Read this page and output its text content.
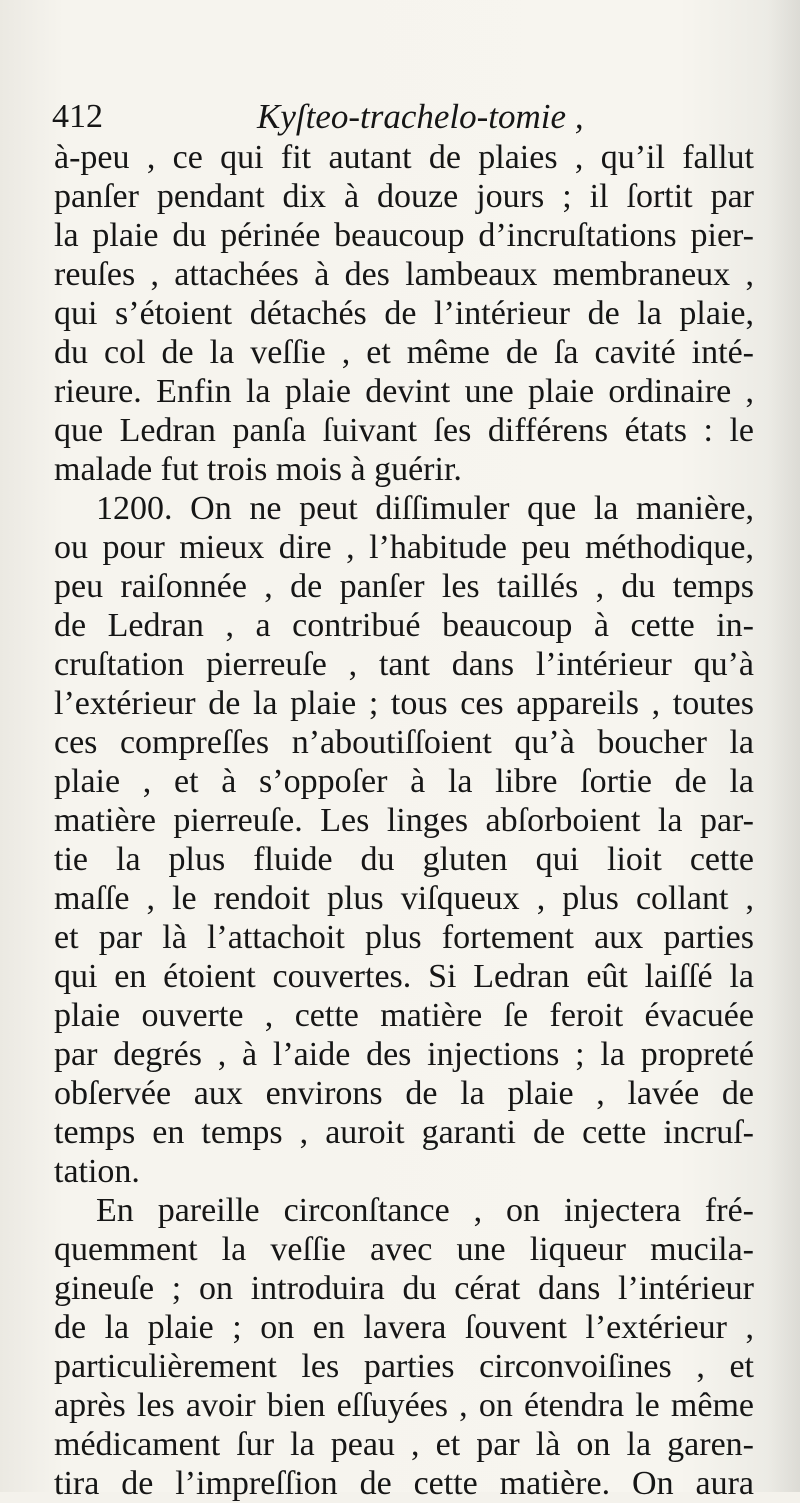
412	Kyſteo-trachelo-tomie ,

à-peu , ce qui fit autant de plaies , qu’il fallut
panſer pendant dix à douze jours ; il ſortit par
la plaie du périnée beaucoup d’incruſtations pier-
reuſes , attachées à des lambeaux membraneux ,
qui s’étoient détachés de l’intérieur de la plaie,
du col de la veſſie , et même de ſa cavité inté-
rieure. Enfin la plaie devint une plaie ordinaire ,
que Ledran panſa ſuivant ſes différens états : le
malade fut trois mois à guérir.

1200. On ne peut diſſimuler que la manière,
ou pour mieux dire , l’habitude peu méthodique,
peu raiſonnée , de panſer les taillés , du temps
de Ledran , a contribué beaucoup à cette in-
cruſtation pierreuſe , tant dans l’intérieur qu’à
l’extérieur de la plaie ; tous ces appareils , toutes
ces compreſſes n’aboutiſſoient qu’à boucher la
plaie , et à s’oppoſer à la libre ſortie de la
matière pierreuſe. Les linges abſorboient la par-
tie la plus fluide du gluten qui lioit cette
maſſe , le rendoit plus viſqueux , plus collant ,
et par là l’attachoit plus fortement aux parties
qui en étoient couvertes. Si Ledran eût laiſſé la
plaie ouverte , cette matière ſe feroit évacuée
par degrés , à l’aide des injections ; la propreté
obſervée aux environs de la plaie , lavée de
temps en temps , auroit garanti de cette incruſ-
tation.

En pareille circonſtance , on injectera fré-
quemment la veſſie avec une liqueur mucila-
gineuſe ; on introduira du cérat dans l’intérieur
de la plaie ; on en lavera ſouvent l’extérieur ,
particulièrement les parties circonvoiſines , et
après les avoir bien eſſuyées , on étendra le même
médicament ſur la peau , et par là on la garen-
tira de l’impreſſion de cette matière. On aura
